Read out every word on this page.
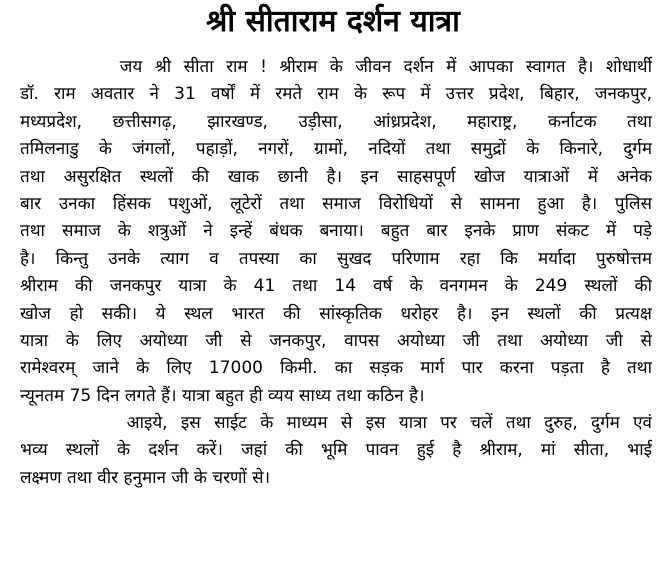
श्री सीताराम दर्शन यात्रा
जय श्री सीता राम ! श्रीराम के जीवन दर्शन में आपका स्वागत है। शोधार्थी
डॉ. राम अवतार ने 31 वर्षों में रमते राम के रूप में उत्तर प्रदेश, बिहार, जनकपुर,
मध्यप्रदेश, छत्तीसगढ़, झारखण्ड, उड़ीसा, आंध्रप्रदेश, महाराष्ट्र, कर्नाटक तथा
तमिलनाडु के जंगलों, पहाड़ों, नगरों, ग्रामों, नदियों तथा समुद्रों के किनारे, दुर्गम
तथा असुरक्षित स्थलों की खाक छानी है। इन साहसपूर्ण खोज यात्राओं में अनेक
बार उनका हिंसक पशुओं, लूटेरों तथा समाज विरोधियों से सामना हुआ है। पुलिस
तथा समाज के शत्रुओं ने इन्हें बंधक बनाया। बहुत बार इनके प्राण संकट में पड़े
है। किन्तु उनके त्याग व तपस्या का सुखद परिणाम रहा कि मर्यादा पुरुषोत्तम
श्रीराम की जनकपुर यात्रा के 41 तथा 14 वर्ष के वनगमन के 249 स्थलों की
खोज हो सकी। ये स्थल भारत की सांस्कृतिक धरोहर है। इन स्थलों की प्रत्यक्ष
यात्रा के लिए अयोध्या जी से जनकपुर, वापस अयोध्या जी तथा अयोध्या जी से
रामेश्वरम् जाने के लिए 17000 किमी. का सड़क मार्ग पार करना पड़ता है तथा
न्यूनतम 75 दिन लगते हैं। यात्रा बहुत ही व्यय साध्य तथा कठिन है।
आइये, इस साईट के माध्यम से इस यात्रा पर चलें तथा दुरुह, दुर्गम एवं
भव्य स्थलों के दर्शन करें। जहां की भूमि पावन हुई है श्रीराम, मां सीता, भाई
लक्ष्मण तथा वीर हनुमान जी के चरणों से।
